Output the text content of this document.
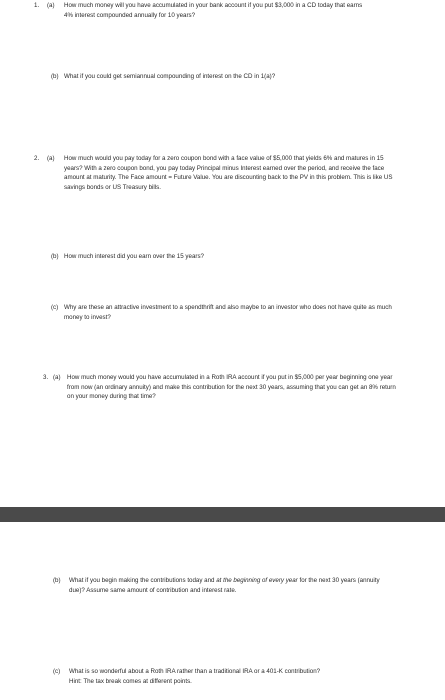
1. (a) How much money will you have accumulated in your bank account if you put $3,000 in a CD today that earns 4% interest compounded annually for 10 years?
(b) What if you could get semiannual compounding of interest on the CD in 1(a)?
2. (a) How much would you pay today for a zero coupon bond with a face value of $5,000 that yields 6% and matures in 15 years? With a zero coupon bond, you pay today Principal minus Interest earned over the period, and receive the face amount at maturity. The Face amount = Future Value. You are discounting back to the PV in this problem. This is like US savings bonds or US Treasury bills.
(b) How much interest did you earn over the 15 years?
(c) Why are these an attractive investment to a spendthrift and also maybe to an investor who does not have quite as much money to invest?
3. (a) How much money would you have accumulated in a Roth IRA account if you put in $5,000 per year beginning one year from now (an ordinary annuity) and make this contribution for the next 30 years, assuming that you can get an 8% return on your money during that time?
(b) What if you begin making the contributions today and at the beginning of every year for the next 30 years (annuity due)? Assume same amount of contribution and interest rate.
(c) What is so wonderful about a Roth IRA rather than a traditional IRA or a 401-K contribution?
Hint: The tax break comes at different points.
